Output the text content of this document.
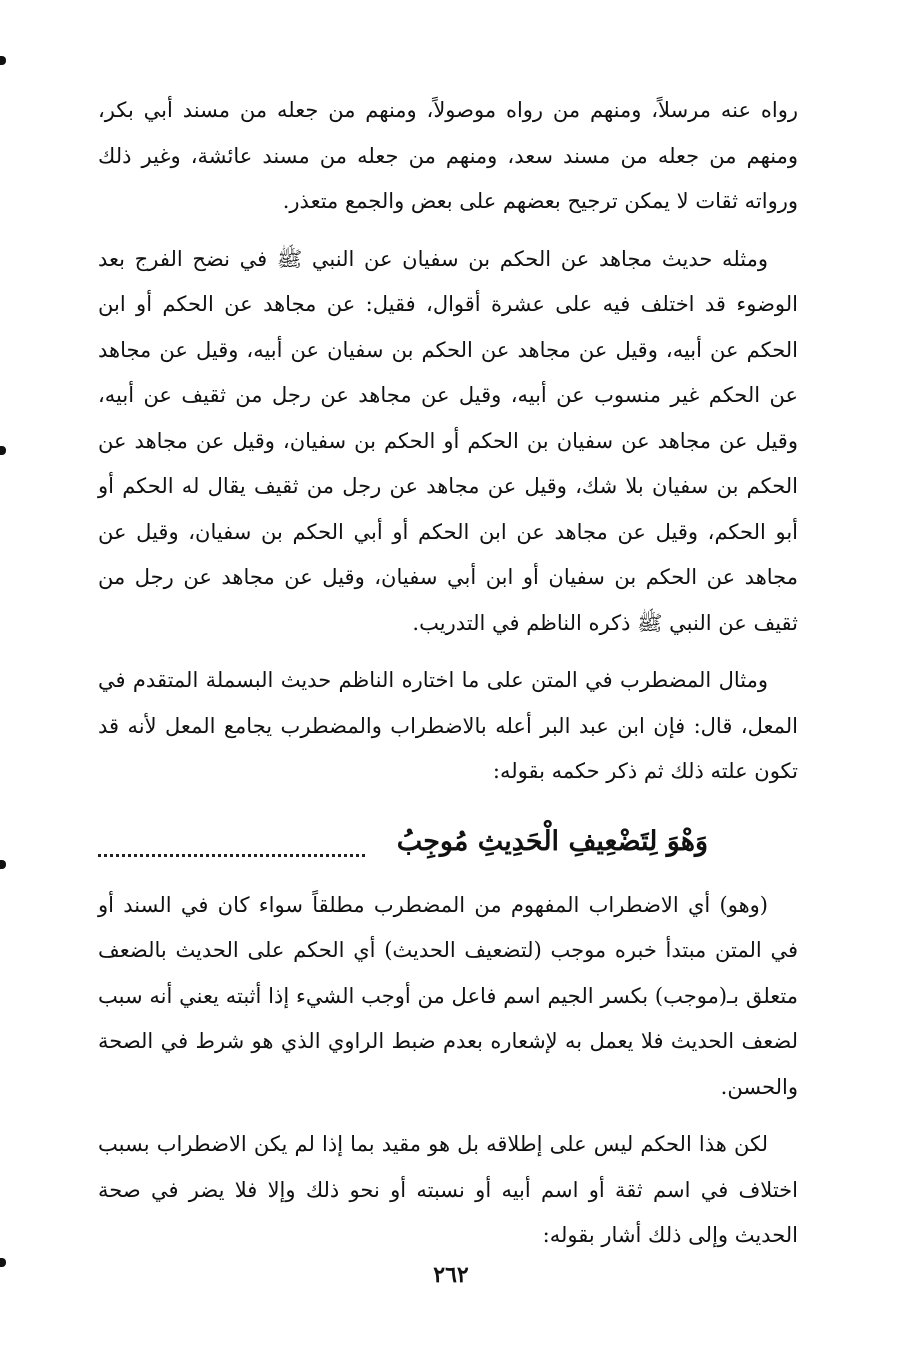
رواه عنه مرسلاً، ومنهم من رواه موصولاً، ومنهم من جعله من مسند أبي بكر، ومنهم من جعله من مسند سعد، ومنهم من جعله من مسند عائشة، وغير ذلك ورواته ثقات لا يمكن ترجيح بعضهم على بعض والجمع متعذر.

ومثله حديث مجاهد عن الحكم بن سفيان عن النبي ﷺ في نضح الفرج بعد الوضوء قد اختلف فيه على عشرة أقوال، فقيل: عن مجاهد عن الحكم أو ابن الحكم عن أبيه، وقيل عن مجاهد عن الحكم بن سفيان عن أبيه، وقيل عن مجاهد عن الحكم غير منسوب عن أبيه، وقيل عن مجاهد عن رجل من ثقيف عن أبيه، وقيل عن مجاهد عن سفيان بن الحكم أو الحكم بن سفيان، وقيل عن مجاهد عن الحكم بن سفيان بلا شك، وقيل عن مجاهد عن رجل من ثقيف يقال له الحكم أو أبو الحكم، وقيل عن مجاهد عن ابن الحكم أو أبي الحكم بن سفيان، وقيل عن مجاهد عن الحكم بن سفيان أو ابن أبي سفيان، وقيل عن مجاهد عن رجل من ثقيف عن النبي ﷺ ذكره الناظم في التدريب.

ومثال المضطرب في المتن على ما اختاره الناظم حديث البسملة المتقدم في المعل، قال: فإن ابن عبد البر أعله بالاضطراب والمضطرب يجامع المعل لأنه قد تكون علته ذلك ثم ذكر حكمه بقوله:

وَهْوَ لِتَضْعِيفِ الْحَدِيثِ مُوجِبُ

(وهو) أي الاضطراب المفهوم من المضطرب مطلقاً سواء كان في السند أو في المتن مبتدأ خبره موجب (لتضعيف الحديث) أي الحكم على الحديث بالضعف متعلق بـ(موجب) بكسر الجيم اسم فاعل من أوجب الشيء إذا أثبته يعني أنه سبب لضعف الحديث فلا يعمل به لإشعاره بعدم ضبط الراوي الذي هو شرط في الصحة والحسن.

لكن هذا الحكم ليس على إطلاقه بل هو مقيد بما إذا لم يكن الاضطراب بسبب اختلاف في اسم ثقة أو اسم أبيه أو نسبته أو نحو ذلك وإلا فلا يضر في صحة الحديث وإلى ذلك أشار بقوله:

٢٦٢
